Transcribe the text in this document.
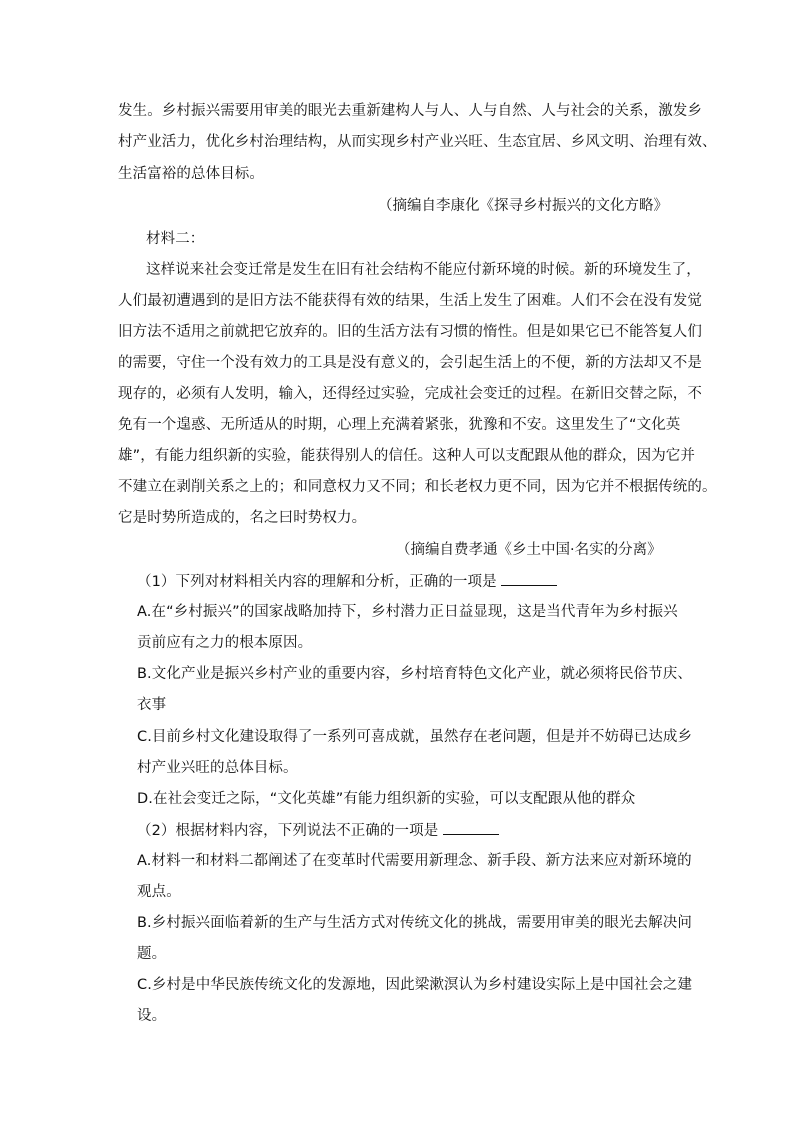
发生。乡村振兴需要用审美的眼光去重新建构人与人、人与自然、人与社会的关系，激发乡
村产业活力，优化乡村治理结构，从而实现乡村产业兴旺、生态宜居、乡风文明、治理有效、
生活富裕的总体目标。
（摘编自李康化《探寻乡村振兴的文化方略》
材料二：
这样说来社会变迁常是发生在旧有社会结构不能应付新环境的时候。新的环境发生了，
人们最初遭遇到的是旧方法不能获得有效的结果，生活上发生了困难。人们不会在没有发觉
旧方法不适用之前就把它放弃的。旧的生活方法有习惯的惰性。但是如果它已不能答复人们
的需要，守住一个没有效力的工具是没有意义的，会引起生活上的不便，新的方法却又不是
现存的，必须有人发明，输入，还得经过实验，完成社会变迁的过程。在新旧交替之际，不
免有一个遑惑、无所适从的时期，心理上充满着紧张，犹豫和不安。这里发生了“文化英
雄”，有能力组织新的实验，能获得别人的信任。这种人可以支配跟从他的群众，因为它并
不建立在剥削关系之上的；和同意权力又不同；和长老权力更不同，因为它并不根据传统的。
它是时势所造成的，名之曰时势权力。
（摘编自费孝通《乡土中国·名实的分离》
（1）下列对材料相关内容的理解和分析，正确的一项是
A.在“乡村振兴”的国家战略加持下，乡村潜力正日益显现，这是当代青年为乡村振兴
贡前应有之力的根本原因。
B.文化产业是振兴乡村产业的重要内容，乡村培育特色文化产业，就必须将民俗节庆、
衣事
C.目前乡村文化建设取得了一系列可喜成就，虽然存在老问题，但是并不妨碍已达成乡
村产业兴旺的总体目标。
D.在社会变迁之际，“文化英雄”有能力组织新的实验，可以支配跟从他的群众
（2）根据材料内容，下列说法不正确的一项是
A.材料一和材料二都阐述了在变革时代需要用新理念、新手段、新方法来应对新环境的
观点。
B.乡村振兴面临着新的生产与生活方式对传统文化的挑战，需要用审美的眼光去解决问
题。
C.乡村是中华民族传统文化的发源地，因此梁漱溟认为乡村建设实际上是中国社会之建
设。
